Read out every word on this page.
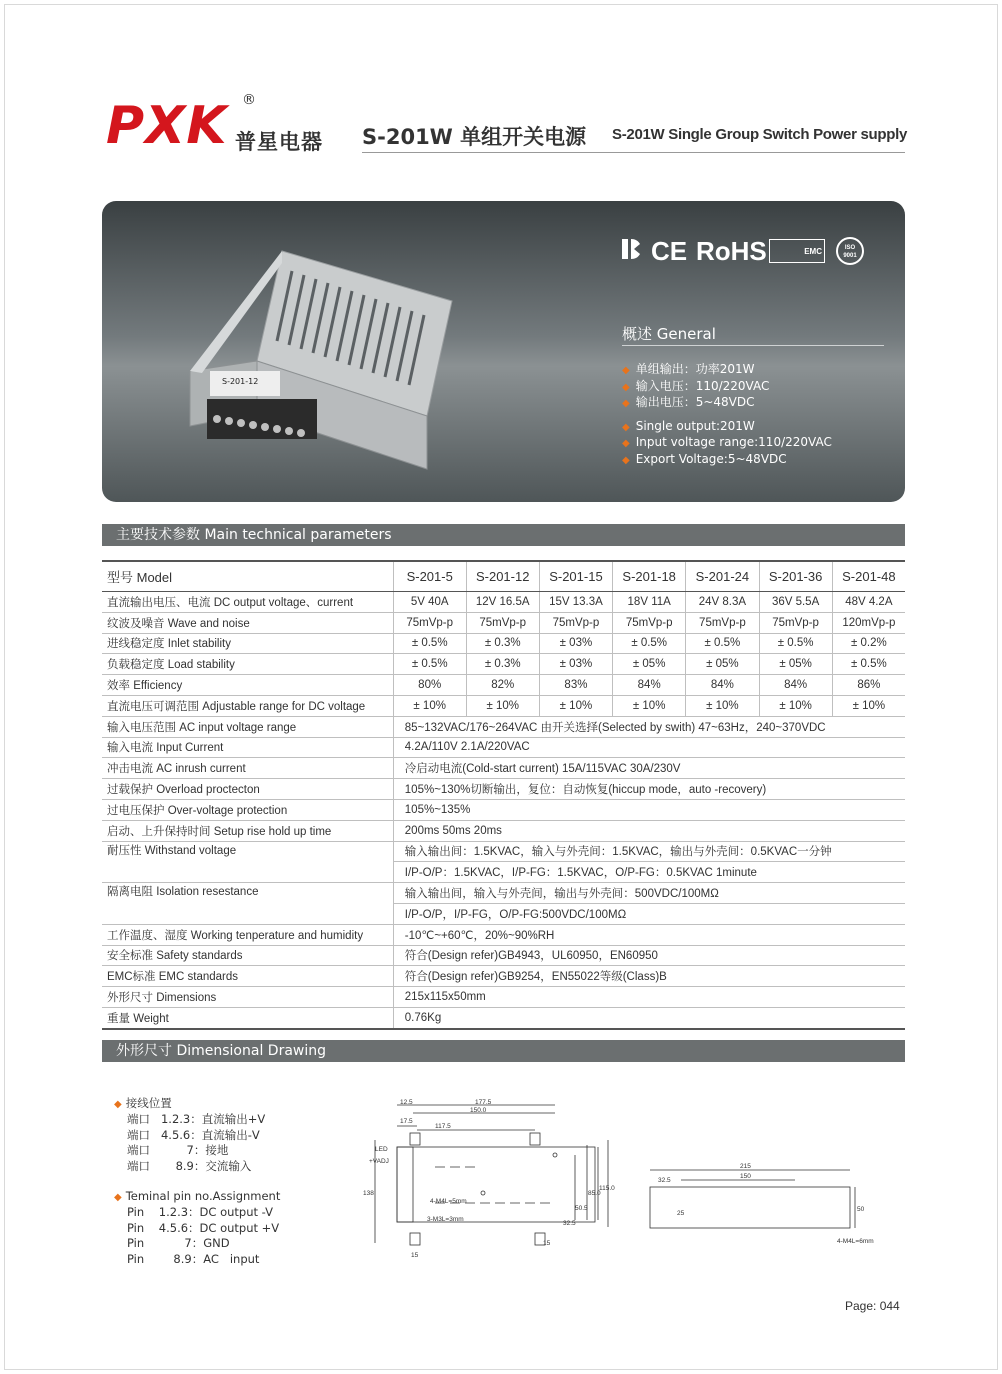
PXK ®
普星电器 S-201W 单组开关电源 S-201W Single Group Switch Power supply
S-201-12
CE RoHS	EMC	ISO 9001
概述 General
◆ 单组输出：功率201W
◆ 输入电压：110/220VAC
◆ 输出电压：5~48VDC
◆ Single output:201W
◆ Input voltage range:110/220VAC
◆ Export Voltage:5~48VDC
主要技术参数 Main technical parameters
型号 Model	S-201-5	S-201-12	S-201-15	S-201-18	S-201-24	S-201-36	S-201-48
直流输出电压、电流 DC output voltage、current	5V 40A	12V 16.5A	15V 13.3A	18V 11A	24V 8.3A	36V 5.5A	48V 4.2A
纹波及噪音 Wave and noise	75mVp-p	75mVp-p	75mVp-p	75mVp-p	75mVp-p	75mVp-p	120mVp-p
进线稳定度 Inlet stability	± 0.5%	± 0.3%	± 03%	± 0.5%	± 0.5%	± 0.5%	± 0.2%
负载稳定度 Load stability	± 0.5%	± 0.3%	± 03%	± 05%	± 05%	± 05%	± 0.5%
效率 Efficiency	80%	82%	83%	84%	84%	84%	86%
直流电压可调范围 Adjustable range for DC voltage	± 10%	± 10%	± 10%	± 10%	± 10%	± 10%	± 10%
输入电压范围 AC input voltage range	85~132VAC/176~264VAC 由开关选择(Selected by swith) 47~63Hz，240~370VDC						
输入电流 Input Current	4.2A/110V 2.1A/220VAC						
冲击电流 AC inrush current	冷启动电流(Cold-start current) 15A/115VAC 30A/230V						
过载保护 Overload proctecton	105%~130%切断输出，复位：自动恢复(hiccup mode，auto -recovery)						
过电压保护 Over-voltage protection	105%~135%						
启动、上升保持时间 Setup rise hold up time	200ms 50ms 20ms						
耐压性 Withstand voltage	输入输出间：1.5KVAC，输入与外壳间：1.5KVAC，输出与外壳间：0.5KVAC一分钟						
	I/P-O/P：1.5KVAC，I/P-FG：1.5KVAC，O/P-FG：0.5KVAC 1minute						
隔离电阻 Isolation resestance	输入输出间，输入与外壳间，输出与外壳间：500VDC/100MΩ						
	I/P-O/P，I/P-FG，O/P-FG:500VDC/100MΩ						
工作温度、湿度 Working tenperature and humidity	-10℃~+60℃，20%~90%RH						
安全标准 Safety standards	符合(Design refer)GB4943，UL60950，EN60950						
EMC标准 EMC standards	符合(Design refer)GB9254，EN55022等级(Class)B						
外形尺寸 Dimensions	215x115x50mm						
重量 Weight	0.76Kg						
外形尺寸 Dimensional Drawing
◆ 接线位置
端口   1.2.3：直流输出+V
端口   4.5.6：直流输出-V
端口          7：接地
端口       8.9：交流输入
◆ Teminal pin no.Assignment
Pin    1.2.3：DC output -V
Pin    4.5.6：DC output +V
Pin           7：GND
Pin        8.9：AC   input
12.5	177.5
150.0
17.5
117.5
LED
+VADJ
138
4-M4L=5mm
3-M3L=3mm
32.5
50.5
85.0
115.0
15
15
215
150
32.5
25
50
4-M4L=6mm
Page: 044
